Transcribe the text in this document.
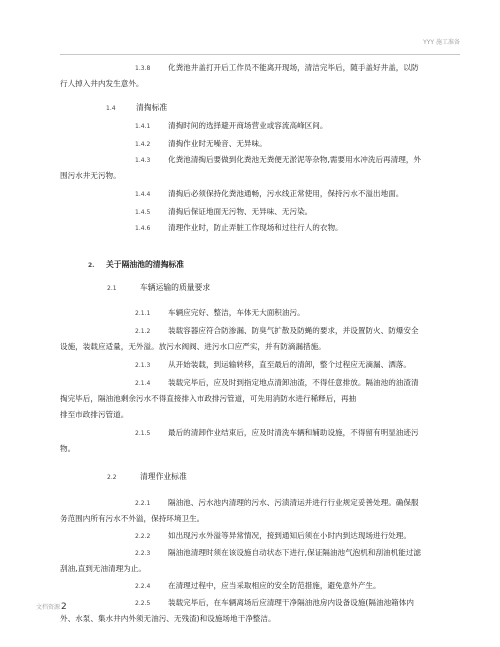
YYY 施工准备
1.3.8 化粪池井盖打开后工作员不能离开现场，清洁完毕后，随手盖好井盖，以防
行人掉入井内发生意外。
1.4	清掏标准
1.4.1 清掏时间的选择避开商场营业或容流高峰区间。
1.4.2 清掏作业时无噪音、无异味。
1.4.3 化粪池清掏后要做到化粪池无粪便无淤泥等杂物,需要用水冲洗后再清理，外
围污水井无污物。
1.4.4 清掏后必须保持化粪池通畅，污水线正常使用，保持污水不溢出地面。
1.4.5 清掏后保证地面无污物、无异味、无污染。
1.4.6 清理作业时，防止弄脏工作现场和过往行人的衣物。
2. 关于隔油池的清掏标准
2.1	车辆运输的质量要求
2.1.1 车辆应完好、整洁，车体无大面积油污。
2.1.2 装载容器应符合防渗漏、防臭气扩散及防蝇的要求，并设置防火、防爆安全
设施，装载应适量，无外溢。放污水阀阀、进污水口应严实，并有防滴漏措施。
2.1.3 从开始装载，到运输转移，直至最后的清卸，整个过程应无滴漏、洒落。
2.1.4 装载完毕后，应及时到指定地点清卸油渣，不得任意排放。隔油池的油渣清
掏完毕后，隔油池剩余污水不得直接排入市政排污管道，可先用消防水进行稀释后，再抽
排至市政排污管道。
2.1.5 最后的清卸作业结束后，应及时清洗车辆和辅助设施，不得留有明显油迹污
物。
2.2	清理作业标准
2.2.1 隔油池、污水池内清理的污水、污渍清运并进行行业规定妥善处理。确保服
务范围内所有污水不外溢，保持环境卫生。
2.2.2 如出现污水外溢等异常情况，接到通知后须在小时内到达现场进行处理。
2.2.3 隔油池清理时须在该设施自动状态下进行,保证隔油池气泡机和刮油机能过滤
刮油,直到无油清理为止。
2.2.4 在清理过程中，应当采取相应的安全防范措施，避免意外产生。
2.2.5 装载完毕后，在车辆离场后应清理干净隔油池房内设备设施(隔油池箱体内
外、水泵、集水井内外须无油污、无残渣)和设施场地干净整洁。
文档资源2
